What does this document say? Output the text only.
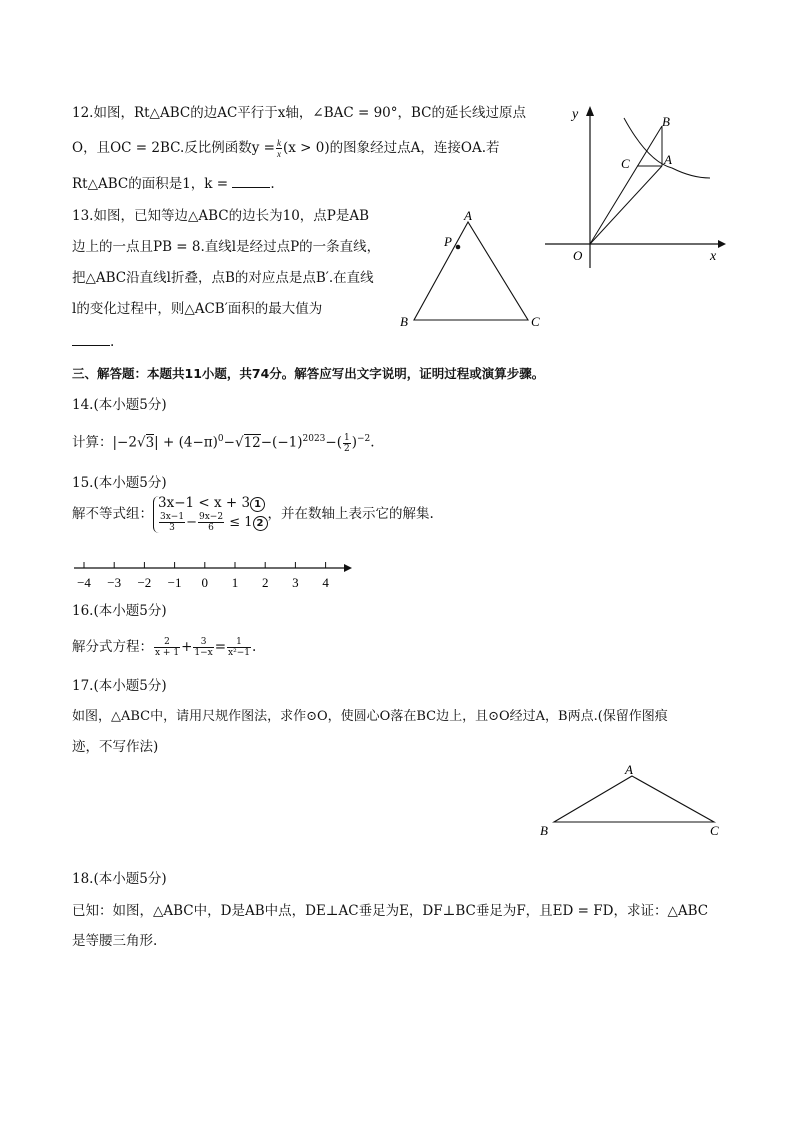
12.如图，Rt△ABC的边AC平行于x轴，∠BAC = 90°，BC的延长线过原点
O，且OC = 2BC.反比例函数$y = \frac{k}{x} (x > 0)$的图象经过点A，连接OA.若
Rt△ABC的面积是1，k =	.
y
x
O
B
A
C
13.如图，已知等边△ABC的边长为10，点P是AB
边上的一点且PB = 8.直线l是经过点P的一条直线，
把△ABC沿直线l折叠，点B的对应点是点B′.在直线
l的变化过程中，则△ACB′面积的最大值为
.
A
P
B	C
三、解答题：本题共11小题，共74分。解答应写出文字说明，证明过程或演算步骤。
14.(本小题5分)
计算：$|-2√3| + (4-\pi)^0-√12-(-1)^{2023}-( \frac{1}{2} )^{-2}$.
15.(本小题5分)
解不等式组：
3x−1 < x + 3 1
$\frac{3x-1}{3} - \frac{9x-2}{6} \le 1$ 2
，并在数轴上表示它的解集.
−4 −3 −2 −1 0 1 2 3 4
16.(本小题5分)
解分式方程： $\frac{2}{x + 1} + \frac{3}{1-x} = \frac{1}{\text{x²−1}}$ .
17.(本小题5分)
如图，△ABC中，请用尺规作图法，求作⊙O，使圆心O落在BC边上，且⊙O经过A，B两点.(保留作图痕
迹，不写作法)
A
B	C
18.(本小题5分)
已知：如图，△ABC中，D是AB中点，DE⊥AC垂足为E，DF⊥BC垂足为F，且ED = FD，求证：△ABC
是等腰三角形.
